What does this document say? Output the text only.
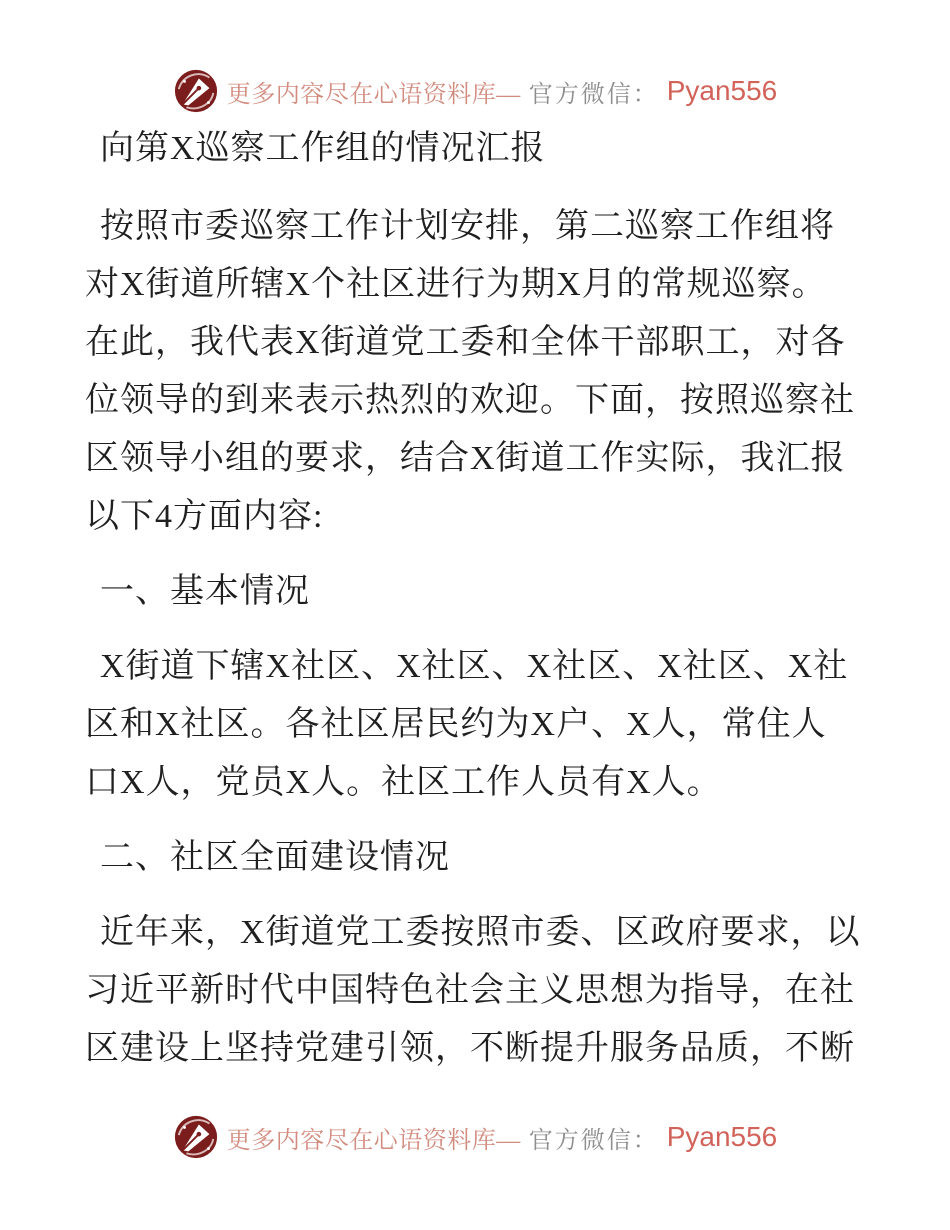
更多内容尽在心语资料库— 官方微信： Pyan556
向第X巡察工作组的情况汇报
按照市委巡察工作计划安排，第二巡察工作组将
对X街道所辖X个社区进行为期X月的常规巡察。
在此，我代表X街道党工委和全体干部职工，对各
位领导的到来表示热烈的欢迎。下面，按照巡察社
区领导小组的要求，结合X街道工作实际，我汇报
以下4方面内容:
一、基本情况
X街道下辖X社区、X社区、X社区、X社区、X社
区和X社区。各社区居民约为X户、X人，常住人
口X人，党员X人。社区工作人员有X人。
二、社区全面建设情况
近年来，X街道党工委按照市委、区政府要求，以
习近平新时代中国特色社会主义思想为指导，在社
区建设上坚持党建引领，不断提升服务品质，不断
更多内容尽在心语资料库— 官方微信： Pyan556
